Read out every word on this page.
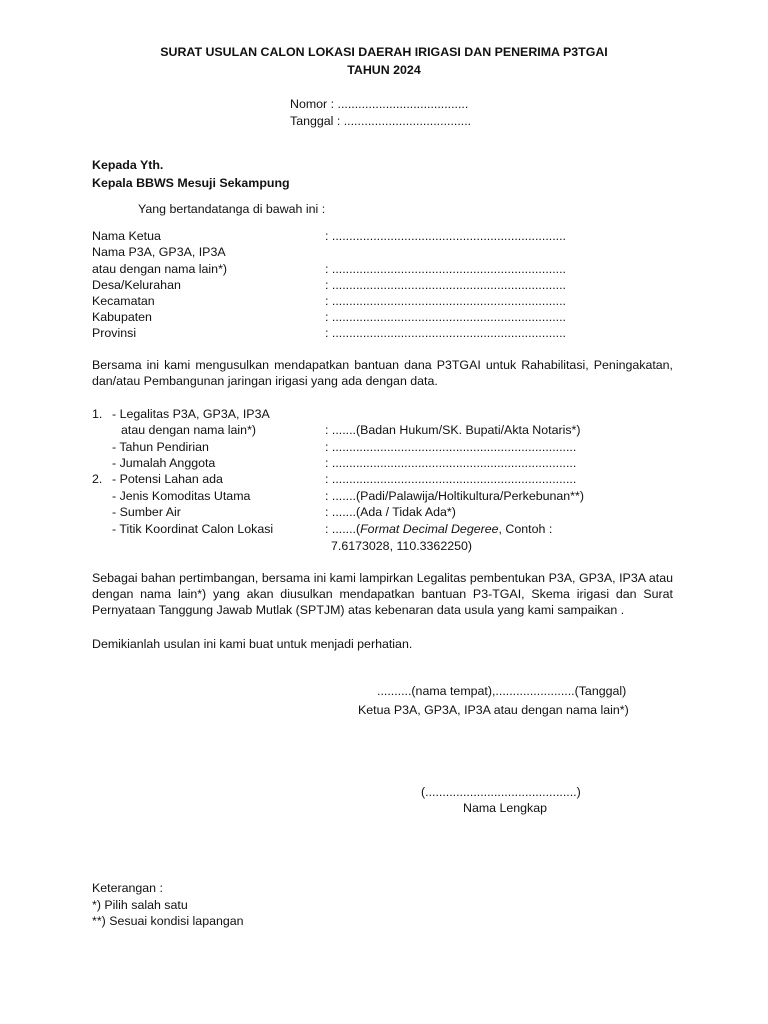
SURAT USULAN CALON LOKASI DAERAH IRIGASI DAN PENERIMA P3TGAI
TAHUN 2024
Nomor : ......................................
Tanggal : .....................................
Kepada Yth.
Kepala BBWS Mesuji Sekampung
Yang bertandatanga di bawah ini :
Nama Ketua	: ....................................................................
Nama P3A, GP3A, IP3A
atau dengan nama lain*)	: ....................................................................
Desa/Kelurahan	: ....................................................................
Kecamatan	: ....................................................................
Kabupaten	: ....................................................................
Provinsi	: ....................................................................
Bersama ini kami mengusulkan mendapatkan bantuan dana P3TGAI untuk Rahabilitasi, Peningakatan, dan/atau Pembangunan jaringan irigasi yang ada dengan data.
1. - Legalitas P3A, GP3A, IP3A
atau dengan nama lain*)	: .......(Badan Hukum/SK. Bupati/Akta Notaris*)
- Tahun Pendirian	: .......................................................................
- Jumalah Anggota	: .......................................................................
2. - Potensi Lahan ada	: .......................................................................
- Jenis Komoditas Utama	: .......(Padi/Palawija/Holtikultura/Perkebunan**)
- Sumber Air	: .......(Ada / Tidak Ada*)
- Titik Koordinat Calon Lokasi	: .......(Format Decimal Degeree, Contoh :
7.6173028, 110.3362250)
Sebagai bahan pertimbangan, bersama ini kami lampirkan Legalitas pembentukan P3A, GP3A, IP3A atau dengan nama lain*) yang akan diusulkan mendapatkan bantuan P3-TGAI, Skema irigasi dan Surat Pernyataan Tanggung Jawab Mutlak (SPTJM) atas kebenaran data usula yang kami sampaikan .
Demikianlah usulan ini kami buat untuk menjadi perhatian.
..........(nama tempat),.......................(Tanggal)
Ketua P3A, GP3A, IP3A atau dengan nama lain*)
(............................................)
Nama Lengkap
Keterangan :
*) Pilih salah satu
**) Sesuai kondisi lapangan
